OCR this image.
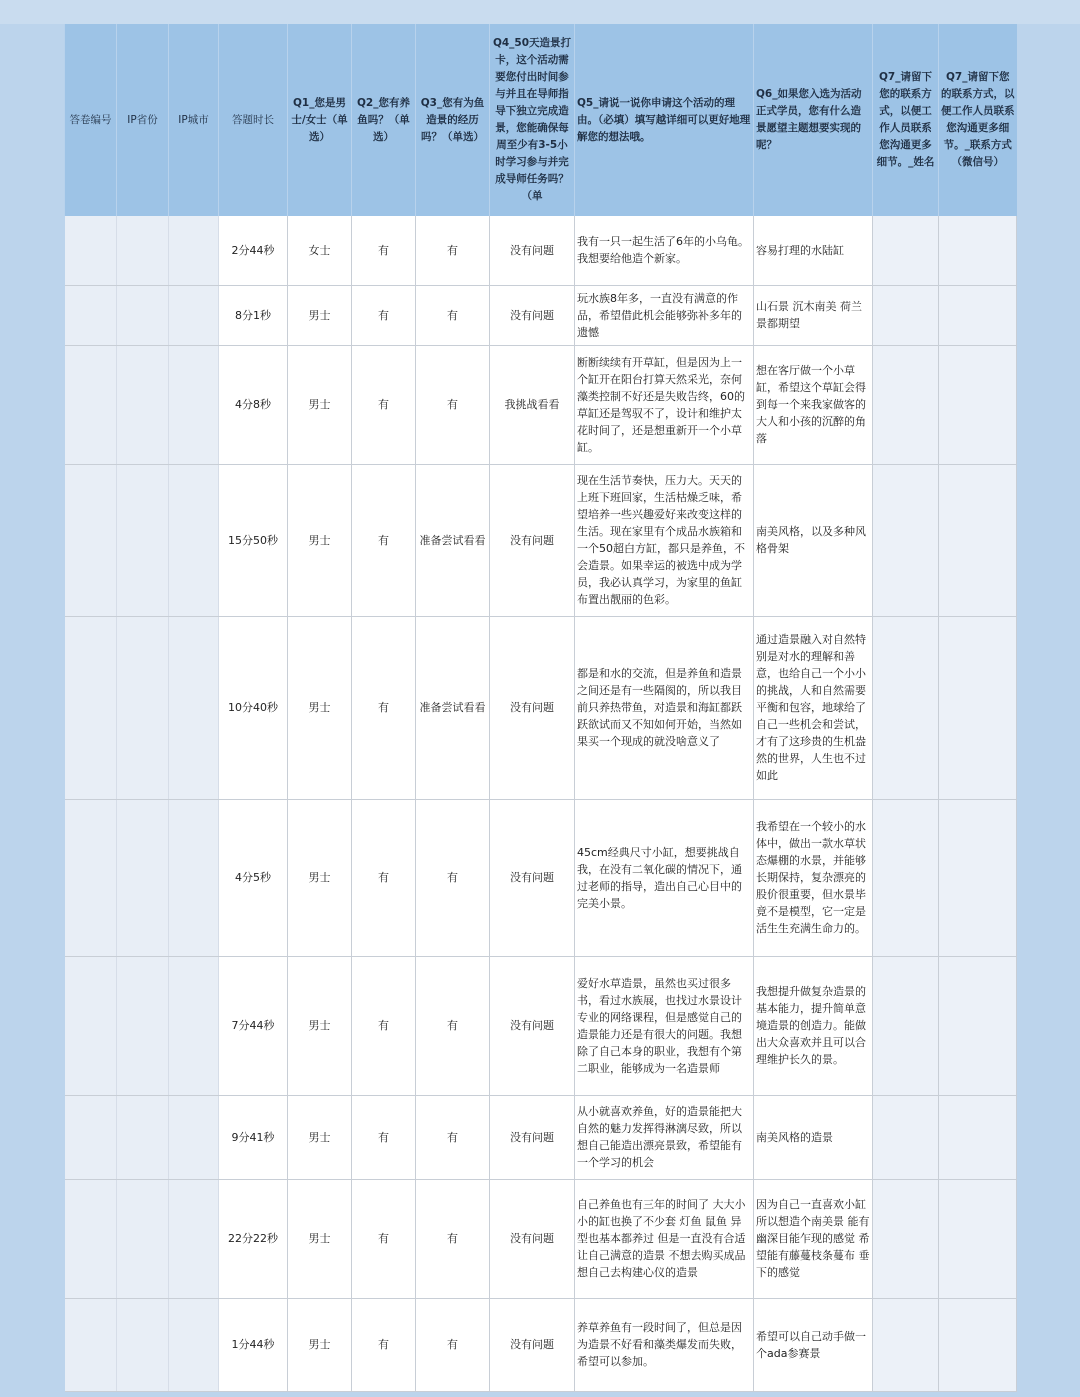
答卷编号	IP省份	IP城市	答题时长	Q1_您是男士/女士（单选）	Q2_您有养鱼吗？（单选）	Q3_您有为鱼造景的经历吗？（单选）	Q4_50天造景打卡，这个活动需要您付出时间参与并且在导师指导下独立完成造景，您能确保每周至少有3-5小时学习参与并完成导师任务吗？（单	Q5_请说一说你申请这个活动的理由。（必填）填写越详细可以更好地理解您的想法哦。	Q6_如果您入选为活动正式学员，您有什么造景愿望主题想要实现的呢？	Q7_请留下您的联系方式，以便工作人员联系您沟通更多细节。_姓名	Q7_请留下您的联系方式，以便工作人员联系您沟通更多细节。_联系方式（微信号）
			2分44秒	女士	有	有	没有问题	我有一只一起生活了6年的小乌龟。我想要给他造个新家。	容易打理的水陆缸		
			8分1秒	男士	有	有	没有问题	玩水族8年多，一直没有满意的作品，希望借此机会能够弥补多年的遗憾	山石景 沉木南美 荷兰景都期望		
			4分8秒	男士	有	有	我挑战看看	断断续续有开草缸，但是因为上一个缸开在阳台打算天然采光，奈何藻类控制不好还是失败告终，60的草缸还是驾驭不了，设计和维护太花时间了，还是想重新开一个小草缸。	想在客厅做一个小草缸，希望这个草缸会得到每一个来我家做客的大人和小孩的沉醉的角落		
			15分50秒	男士	有	准备尝试看看	没有问题	现在生活节奏快，压力大。天天的上班下班回家，生活枯燥乏味，希望培养一些兴趣爱好来改变这样的生活。现在家里有个成品水族箱和一个50超白方缸，都只是养鱼，不会造景。如果幸运的被选中成为学员，我必认真学习，为家里的鱼缸布置出靓丽的色彩。	南美风格，以及多种风格骨架		
			10分40秒	男士	有	准备尝试看看	没有问题	都是和水的交流，但是养鱼和造景之间还是有一些隔阂的，所以我目前只养热带鱼，对造景和海缸都跃跃欲试而又不知如何开始，当然如果买一个现成的就没啥意义了	通过造景融入对自然特别是对水的理解和善意，也给自己一个小小的挑战，人和自然需要平衡和包容，地球给了自己一些机会和尝试，才有了这珍贵的生机盎然的世界，人生也不过如此		
			4分5秒	男士	有	有	没有问题	45cm经典尺寸小缸，想要挑战自我，在没有二氧化碳的情况下，通过老师的指导，造出自己心目中的完美小景。	我希望在一个较小的水体中，做出一款水草状态爆棚的水景，并能够长期保持，复杂漂亮的股价很重要，但水景毕竟不是模型，它一定是活生生充满生命力的。		
			7分44秒	男士	有	有	没有问题	爱好水草造景，虽然也买过很多书，看过水族展，也找过水景设计专业的网络课程，但是感觉自己的造景能力还是有很大的问题。我想除了自己本身的职业，我想有个第二职业，能够成为一名造景师	我想提升做复杂造景的基本能力，提升简单意境造景的创造力。能做出大众喜欢并且可以合理维护长久的景。		
			9分41秒	男士	有	有	没有问题	从小就喜欢养鱼，好的造景能把大自然的魅力发挥得淋漓尽致，所以想自己能造出漂亮景致，希望能有一个学习的机会	南美风格的造景		
			22分22秒	男士	有	有	没有问题	自己养鱼也有三年的时间了 大大小小的缸也换了不少套 灯鱼 鼠鱼 异型也基本都养过 但是一直没有合适让自己满意的造景 不想去购买成品 想自己去构建心仪的造景	因为自己一直喜欢小缸 所以想造个南美景 能有幽深目能乍现的感觉 希望能有藤蔓枝条蔓布 垂下的感觉		
			1分44秒	男士	有	有	没有问题	养草养鱼有一段时间了，但总是因为造景不好看和藻类爆发而失败，希望可以参加。	希望可以自己动手做一个ada参赛景		
